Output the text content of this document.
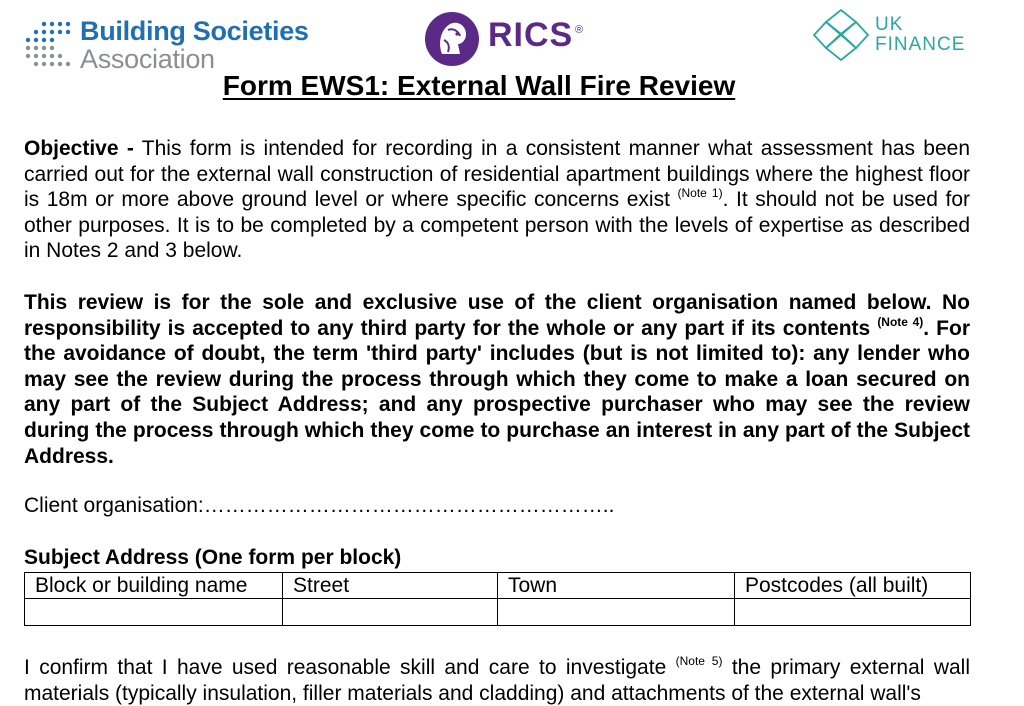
Building Societies
Association
RICS ®	UK
FINANCE
Form EWS1: External Wall Fire Review
Objective - This form is intended for recording in a consistent manner what assessment has been carried out for the external wall construction of residential apartment buildings where the highest floor is 18m or more above ground level or where specific concerns exist $^{(Note 1)}$. It should not be used for other purposes. It is to be completed by a competent person with the levels of expertise as described in Notes 2 and 3 below.
This review is for the sole and exclusive use of the client organisation named below. No responsibility is accepted to any third party for the whole or any part if its contents $^{(Note 4)}$. For the avoidance of doubt, the term 'third party' includes (but is not limited to): any lender who may see the review during the process through which they come to make a loan secured on any part of the Subject Address; and any prospective purchaser who may see the review during the process through which they come to purchase an interest in any part of the Subject Address.
Client organisation:…………………………………………………..
Subject Address (One form per block)
Block or building name	Street	Town	Postcodes (all built)

I confirm that I have used reasonable skill and care to investigate $^{(Note 5)}$ the primary external wall materials (typically insulation, filler materials and cladding) and attachments of the external wall's
